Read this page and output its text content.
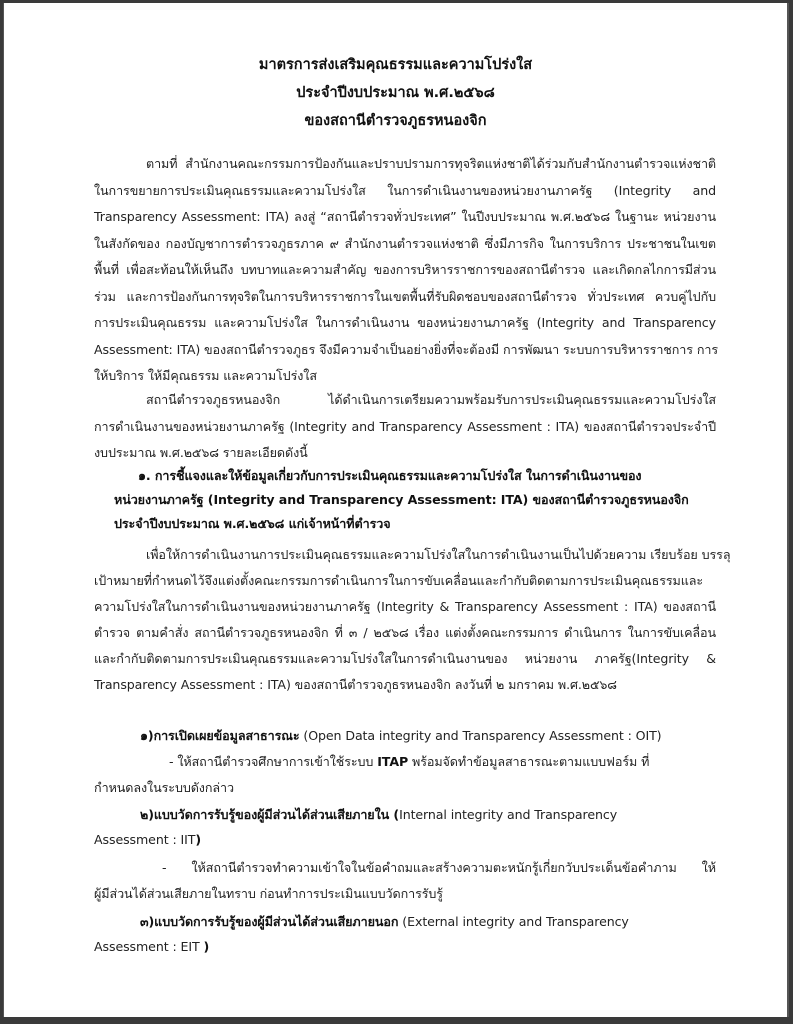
มาตรการส่งเสริมคุณธรรมและความโปร่งใส
ประจำปีงบประมาณ พ.ศ.๒๕๖๘
ของสถานีตำรวจภูธรหนองจิก
ตามที่ สำนักงานคณะกรรมการป้องกันและปราบปรามการทุจริตแห่งชาติได้ร่วมกับสำนักงานตำรวจแห่งชาติ
ในการขยายการประเมินคุณธรรมและความโปร่งใส ในการดำเนินงานของหน่วยงานภาครัฐ (Integrity and
Transparency Assessment: ITA) ลงสู่ “สถานีตำรวจทั่วประเทศ” ในปีงบประมาณ พ.ศ.๒๕๖๘ ในฐานะ หน่วยงาน
ในสังกัดของ กองบัญชาการตำรวจภูธรภาค ๙ สำนักงานตำรวจแห่งชาติ ซึ่งมีภารกิจ ในการบริการ ประชาชนในเขต
พื้นที่ เพื่อสะท้อนให้เห็นถึง บทบาทและความสำคัญ ของการบริหารราชการของสถานีตำรวจ และเกิดกลไกการมีส่วน
ร่วม และการป้องกันการทุจริตในการบริหารราชการในเขตพื้นที่รับผิดชอบของสถานีตำรวจ ทั่วประเทศ ควบคู่ไปกับ
การประเมินคุณธรรม และความโปร่งใส ในการดำเนินงาน ของหน่วยงานภาครัฐ (Integrity and Transparency
Assessment: ITA) ของสถานีตำรวจภูธร จึงมีความจำเป็นอย่างยิ่งที่จะต้องมี การพัฒนา ระบบการบริหารราชการ การ
ให้บริการ ให้มีคุณธรรม และความโปร่งใส
สถานีตำรวจภูธรหนองจิก ได้ดำเนินการเตรียมความพร้อมรับการประเมินคุณธรรมและความโปร่งใส
การดำเนินงานของหน่วยงานภาครัฐ (Integrity and Transparency Assessment : ITA) ของสถานีตำรวจประจำปี
งบประมาณ พ.ศ.๒๕๖๘ รายละเอียดดังนี้
๑. การชี้แจงและให้ข้อมูลเกี่ยวกับการประเมินคุณธรรมและความโปร่งใส ในการดำเนินงานของ
หน่วยงานภาครัฐ (Integrity and Transparency Assessment: ITA) ของสถานีตำรวจภูธรหนองจิก
ประจำปีงบประมาณ พ.ศ.๒๕๖๘ แก่เจ้าหน้าที่ตำรวจ
เพื่อให้การดำเนินงานการประเมินคุณธรรมและความโปร่งใสในการดำเนินงานเป็นไปด้วยความ เรียบร้อย บรรลุ
เป้าหมายที่กำหนดไว้จึงแต่งตั้งคณะกรรมการดำเนินการในการขับเคลื่อนและกำกับติดตามการประเมินคุณธรรมและ
ความโปร่งใสในการดำเนินงานของหน่วยงานภาครัฐ (Integrity & Transparency Assessment : ITA) ของสถานี
ตำรวจ ตามคำสั่ง สถานีตำรวจภูธรหนองจิก ที่ ๓ / ๒๕๖๘ เรื่อง แต่งตั้งคณะกรรมการ ดำเนินการ ในการขับเคลื่อน
และกำกับติดตามการประเมินคุณธรรมและความโปร่งใสในการดำเนินงานของ หน่วยงาน ภาครัฐ(Integrity &
Transparency Assessment : ITA) ของสถานีตำรวจภูธรหนองจิก ลงวันที่ ๒ มกราคม พ.ศ.๒๕๖๘
๑)การเปิดเผยข้อมูลสาธารณะ (Open Data integrity and Transparency Assessment : OIT)
- ให้สถานีตำรวจศึกษาการเข้าใช้ระบบ ITAP พร้อมจัดทำข้อมูลสาธารณะตามแบบฟอร์ม ที่
กำหนดลงในระบบดังกล่าว
๒)แบบวัดการรับรู้ของผู้มีส่วนได้ส่วนเสียภายใน (Internal integrity and Transparency
Assessment : IIT)
- ให้สถานีตำรวจทำความเข้าใจในข้อคำถมและสร้างความตะหนักรู้เกี่ยกวับประเด็นข้อคำภาม ให้
ผู้มีส่วนได้ส่วนเสียภายในทราบ ก่อนทำการประเมินแบบวัดการรับรู้
๓)แบบวัดการรับรู้ของผู้มีส่วนได้ส่วนเสียภายนอก (External integrity and Transparency
Assessment : EIT )
